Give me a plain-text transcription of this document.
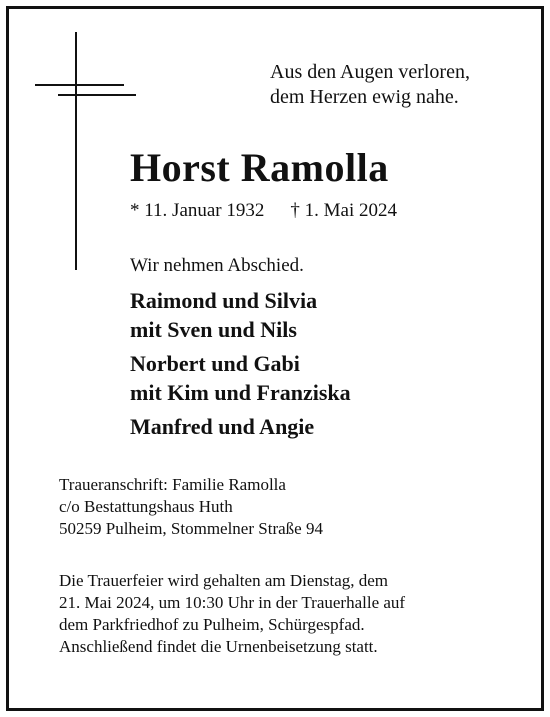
Aus den Augen verloren,
dem Herzen ewig nahe.
Horst Ramolla
* 11. Januar 1932 † 1. Mai 2024
Wir nehmen Abschied.
Raimond und Silvia
mit Sven und Nils
Norbert und Gabi
mit Kim und Franziska
Manfred und Angie
Traueranschrift: Familie Ramolla
c/o Bestattungshaus Huth
50259 Pulheim, Stommelner Straße 94
Die Trauerfeier wird gehalten am Dienstag, dem
21. Mai 2024, um 10:30 Uhr in der Trauerhalle auf
dem Parkfriedhof zu Pulheim, Schürgespfad.
Anschließend findet die Urnenbeisetzung statt.
